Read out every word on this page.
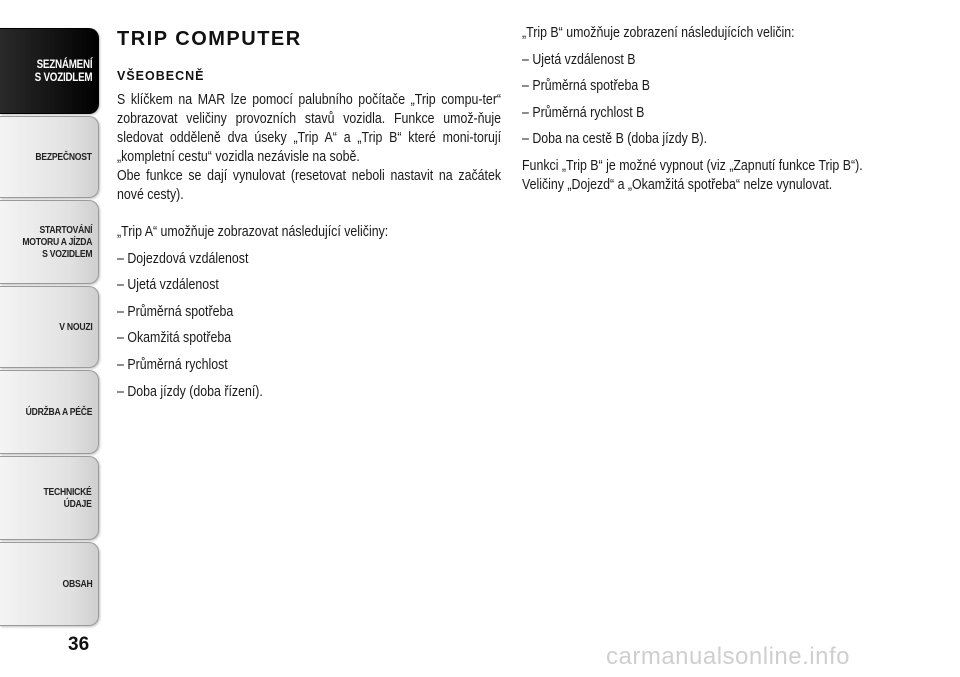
SEZNÁMENÍ
S VOZIDLEM
BEZPEČNOST
STARTOVÁNÍ
MOTORU A JÍZDA
S VOZIDLEM
V NOUZI
ÚDRŽBA A PÉČE
TECHNICKÉ
ÚDAJE
OBSAH
36
TRIP COMPUTER
VŠEOBECNĚ

S klíčkem na MAR lze pomocí palubního počítače „Trip compu-ter“ zobrazovat veličiny provozních stavů vozidla. Funkce umož-ňuje sledovat odděleně dva úseky „Trip A“ a „Trip B“ které moni-torují „kompletní cestu“ vozidla nezávisle na sobě.

Obe funkce se dají vynulovat (resetovat neboli nastavit na začátek nové cesty).

„Trip A“ umožňuje zobrazovat následující veličiny:
– Dojezdová vzdálenost
– Ujetá vzdálenost
– Průměrná spotřeba
– Okamžitá spotřeba
– Průměrná rychlost
– Doba jízdy (doba řízení).
„Trip B“ umožňuje zobrazení následujících veličin:
– Ujetá vzdálenost B
– Průměrná spotřeba B
– Průměrná rychlost B
– Doba na cestě B (doba jízdy B).
Funkci „Trip B“ je možné vypnout (viz „Zapnutí funkce Trip B“).
Veličiny „Dojezd“ a „Okamžitá spotřeba“ nelze vynulovat.
carmanualsonline.info
